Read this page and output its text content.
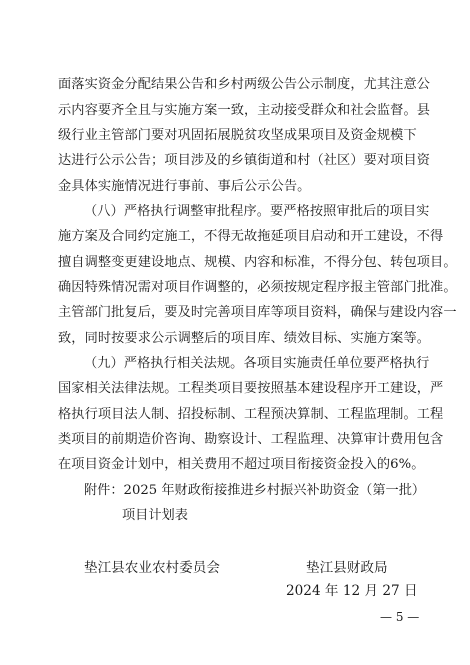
面落实资金分配结果公告和乡村两级公告公示制度，尤其注意公
示内容要齐全且与实施方案一致，主动接受群众和社会监督。县
级行业主管部门要对巩固拓展脱贫攻坚成果项目及资金规模下
达进行公示公告；项目涉及的乡镇街道和村（社区）要对项目资
金具体实施情况进行事前、事后公示公告。
（八）严格执行调整审批程序。要严格按照审批后的项目实
施方案及合同约定施工，不得无故拖延项目启动和开工建设，不得
擅自调整变更建设地点、规模、内容和标准，不得分包、转包项目。
确因特殊情况需对项目作调整的，必须按规定程序报主管部门批准。
主管部门批复后，要及时完善项目库等项目资料，确保与建设内容一
致，同时按要求公示调整后的项目库、绩效目标、实施方案等。
（九）严格执行相关法规。各项目实施责任单位要严格执行
国家相关法律法规。工程类项目要按照基本建设程序开工建设，严
格执行项目法人制、招投标制、工程预决算制、工程监理制。工程
类项目的前期造价咨询、勘察设计、工程监理、决算审计费用包含
在项目资金计划中，相关费用不超过项目衔接资金投入的6%。
附件：2025 年财政衔接推进乡村振兴补助资金（第一批）
项目计划表
垫江县农业农村委员会	垫江县财政局
2024 年 12 月 27 日
— 5 —
